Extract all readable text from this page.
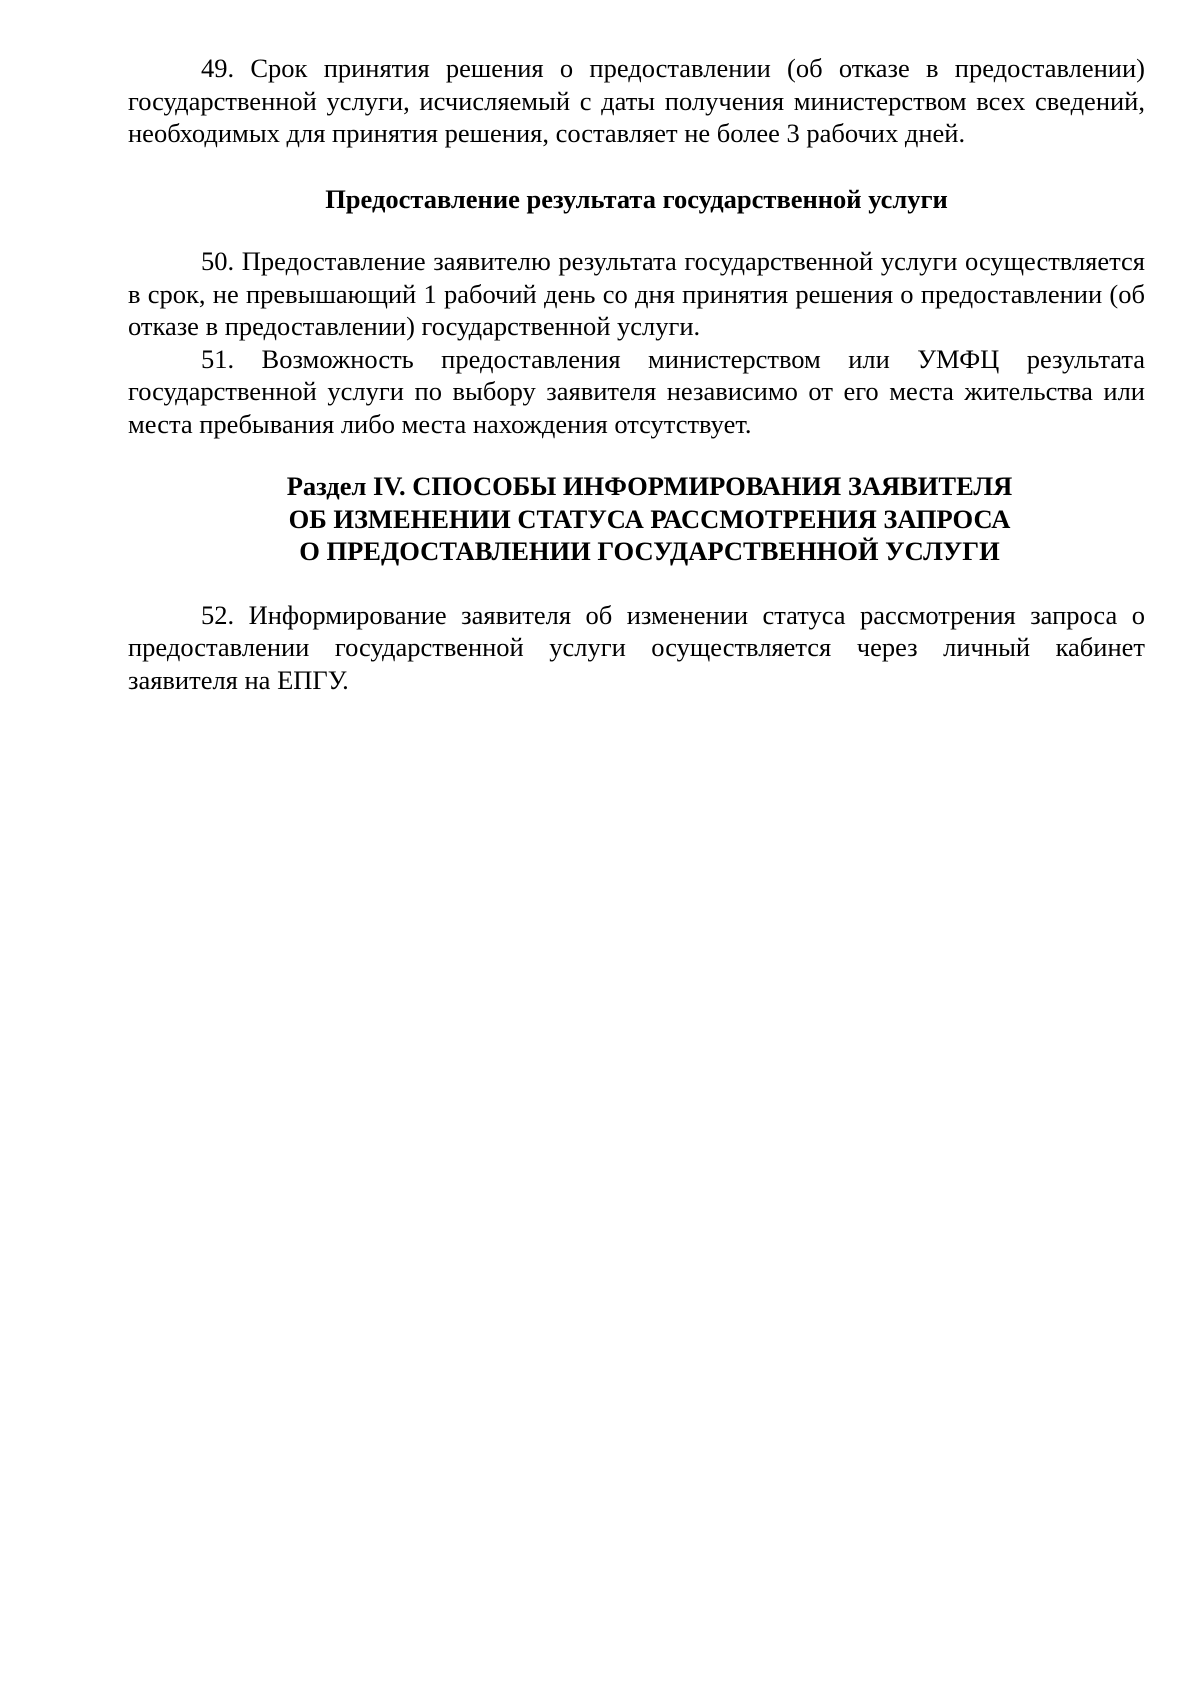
49. Срок принятия решения о предоставлении (об отказе в предоставлении) государственной услуги, исчисляемый с даты получения министерством всех сведений, необходимых для принятия решения, составляет не более 3 рабочих дней.

Предоставление результата государственной услуги

50. Предоставление заявителю результата государственной услуги осуществляется в срок, не превышающий 1 рабочий день со дня принятия решения о предоставлении (об отказе в предоставлении) государственной услуги.

51. Возможность предоставления министерством или УМФЦ результата государственной услуги по выбору заявителя независимо от его места жительства или места пребывания либо места нахождения отсутствует.

Раздел IV. СПОСОБЫ ИНФОРМИРОВАНИЯ ЗАЯВИТЕЛЯ
ОБ ИЗМЕНЕНИИ СТАТУСА РАССМОТРЕНИЯ ЗАПРОСА
О ПРЕДОСТАВЛЕНИИ ГОСУДАРСТВЕННОЙ УСЛУГИ

52. Информирование заявителя об изменении статуса рассмотрения запроса о предоставлении государственной услуги осуществляется через личный кабинет заявителя на ЕПГУ.
